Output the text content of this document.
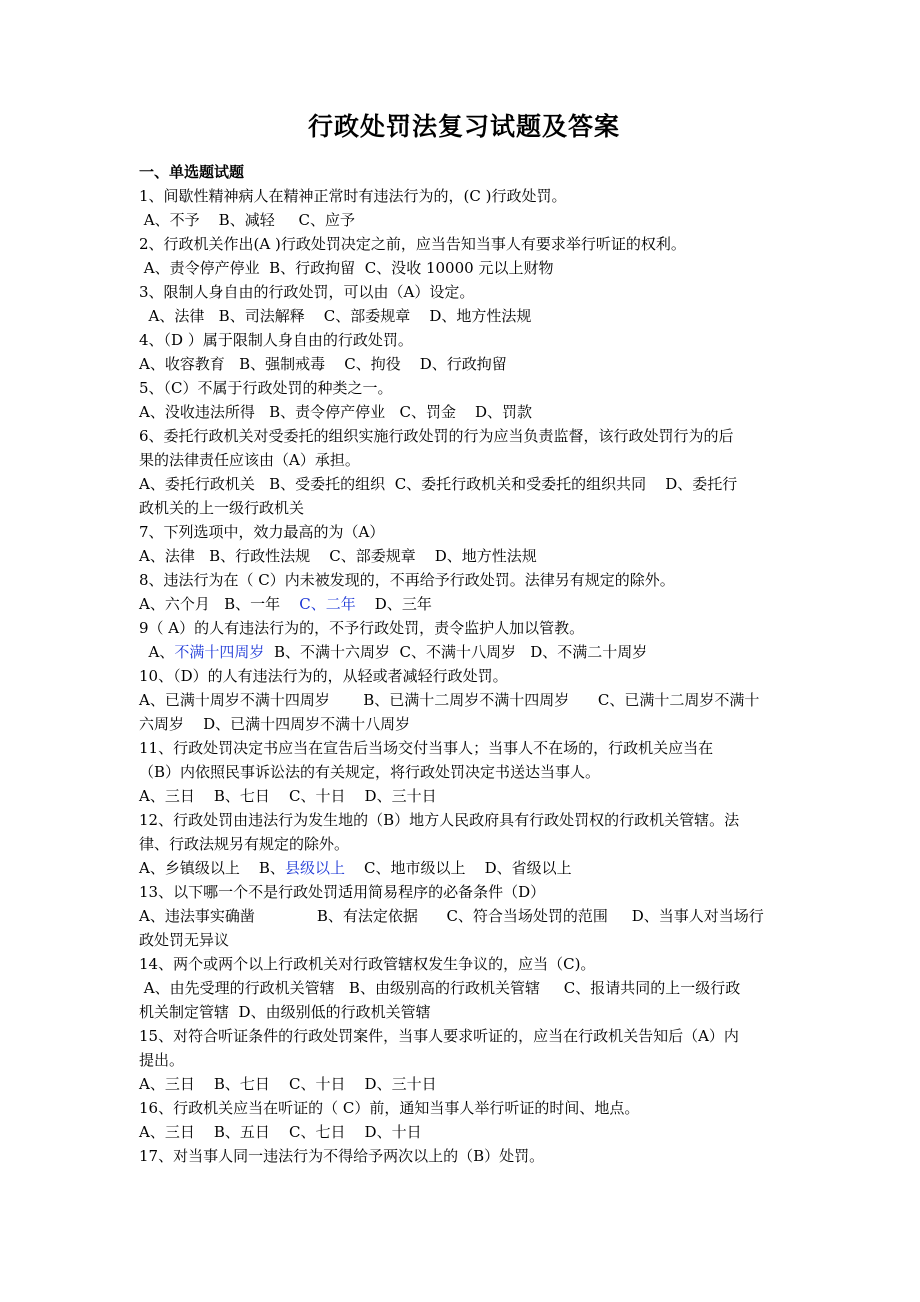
行政处罚法复习试题及答案

一、单选题试题

1、间歇性精神病人在精神正常时有违法行为的，(C )行政处罚。

A、不予    B、减轻     C、应予

2、行政机关作出(A )行政处罚决定之前，应当告知当事人有要求举行听证的权利。

A、责令停产停业  B、行政拘留  C、没收 10000 元以上财物

3、限制人身自由的行政处罚，可以由（A）设定。

A、法律   B、司法解释    C、部委规章    D、地方性法规

4、（D ）属于限制人身自由的行政处罚。

A、收容教育   B、强制戒毒    C、拘役    D、行政拘留

5、（C）不属于行政处罚的种类之一。

A、没收违法所得   B、责令停产停业   C、罚金    D、罚款

6、委托行政机关对受委托的组织实施行政处罚的行为应当负责监督，该行政处罚行为的后

果的法律责任应该由（A）承担。

A、委托行政机关   B、受委托的组织  C、委托行政机关和受委托的组织共同    D、委托行

政机关的上一级行政机关

7、下列选项中，效力最高的为（A）

A、法律   B、行政性法规    C、部委规章    D、地方性法规

8、违法行为在（ C）内未被发现的，不再给予行政处罚。法律另有规定的除外。

A、六个月   B、一年    C、二年    D、三年

9（ A）的人有违法行为的，不予行政处罚，责令监护人加以管教。

A、不满十四周岁  B、不满十六周岁  C、不满十八周岁   D、不满二十周岁

10、（D）的人有违法行为的，从轻或者减轻行政处罚。

A、已满十周岁不满十四周岁       B、已满十二周岁不满十四周岁      C、已满十二周岁不满十

六周岁    D、已满十四周岁不满十八周岁

11、行政处罚决定书应当在宣告后当场交付当事人；当事人不在场的，行政机关应当在

（B）内依照民事诉讼法的有关规定，将行政处罚决定书送达当事人。

A、三日    B、七日    C、十日    D、三十日

12、行政处罚由违法行为发生地的（B）地方人民政府具有行政处罚权的行政机关管辖。法

律、行政法规另有规定的除外。

A、乡镇级以上    B、县级以上    C、地市级以上    D、省级以上

13、以下哪一个不是行政处罚适用简易程序的必备条件（D）

A、违法事实确凿             B、有法定依据      C、符合当场处罚的范围     D、当事人对当场行

政处罚无异议

14、两个或两个以上行政机关对行政管辖权发生争议的，应当（C)。

A、由先受理的行政机关管辖   B、由级别高的行政机关管辖     C、报请共同的上一级行政

机关制定管辖  D、由级别低的行政机关管辖

15、对符合听证条件的行政处罚案件，当事人要求听证的，应当在行政机关告知后（A）内

提出。

A、三日    B、七日    C、十日    D、三十日

16、行政机关应当在听证的（ C）前，通知当事人举行听证的时间、地点。

A、三日    B、五日    C、七日    D、十日

17、对当事人同一违法行为不得给予两次以上的（B）处罚。
